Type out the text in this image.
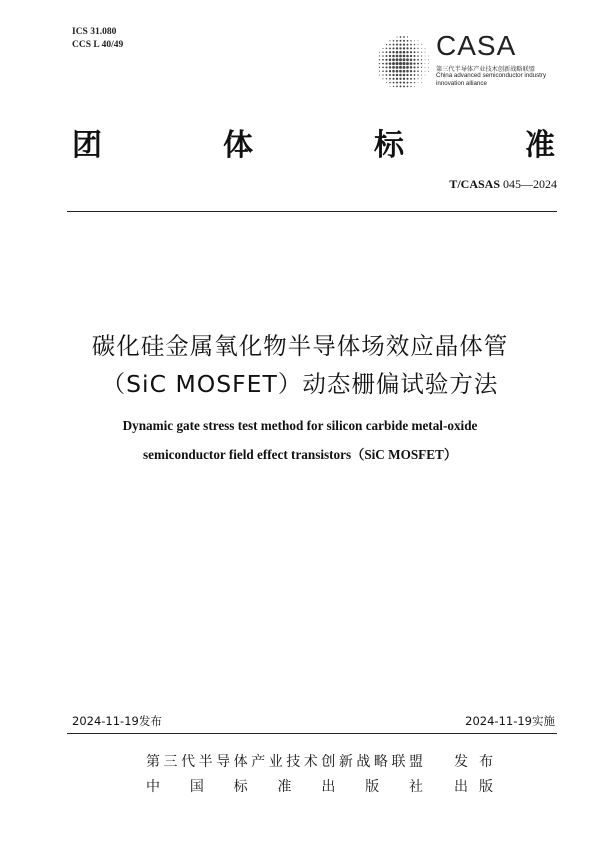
ICS 31.080
CCS L 40/49	CASA
第三代半导体产业技术创新战略联盟
China advanced semiconductor industry
innovation alliance
团	体	标	准
T/CASAS 045—2024
碳化硅金属氧化物半导体场效应晶体管
（SiC MOSFET）动态栅偏试验方法
Dynamic gate stress test method for silicon carbide metal-oxide
semiconductor field effect transistors（SiC MOSFET）
2024-11-19发布	2024-11-19实施
第 三 代 半 导 体 产 业 技 术 创 新 战 略 联 盟 发 布
中 国 标 准 出 版 社 出 版
